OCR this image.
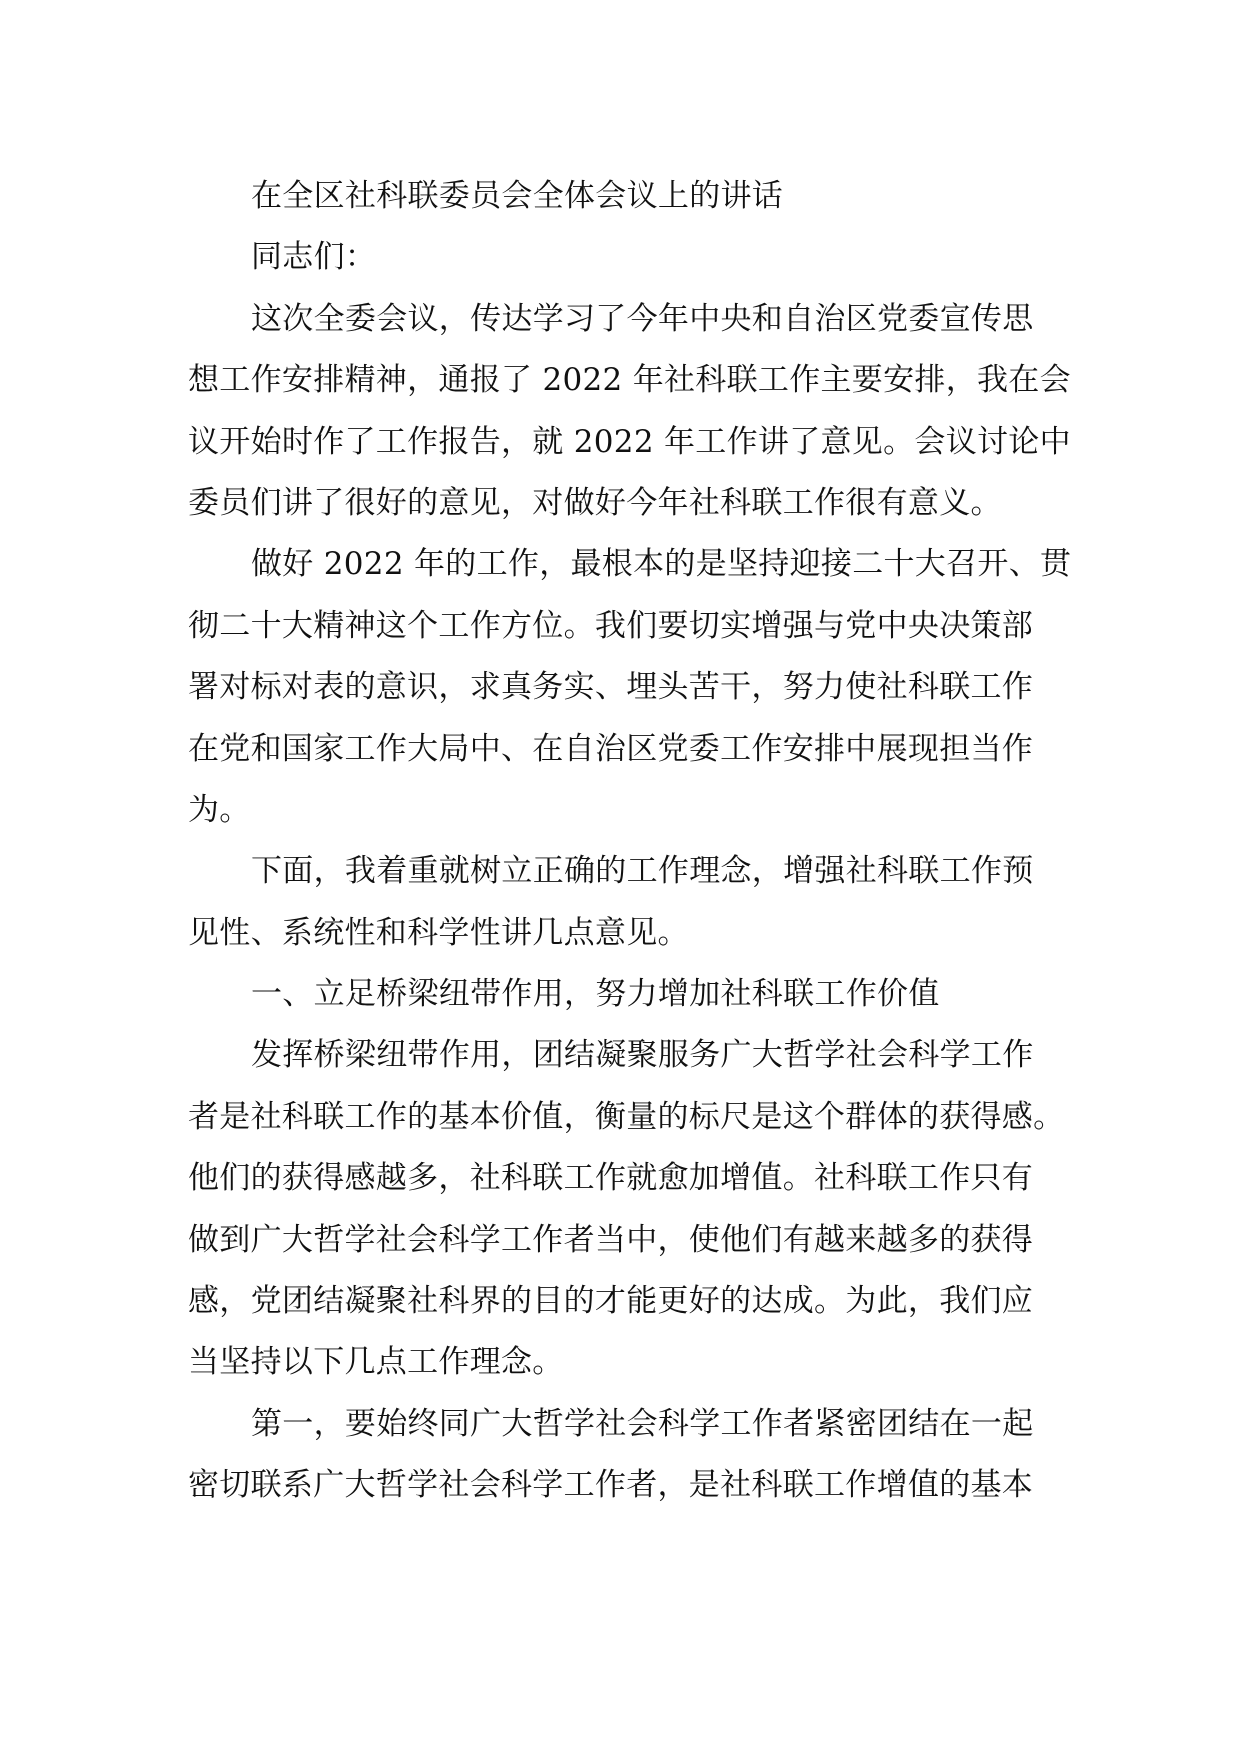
在全区社科联委员会全体会议上的讲话
同志们：
这次全委会议，传达学习了今年中央和自治区党委宣传思
想工作安排精神，通报了 2022 年社科联工作主要安排，我在会
议开始时作了工作报告，就 2022 年工作讲了意见。会议讨论中
委员们讲了很好的意见，对做好今年社科联工作很有意义。
做好 2022 年的工作，最根本的是坚持迎接二十大召开、贯
彻二十大精神这个工作方位。我们要切实增强与党中央决策部
署对标对表的意识，求真务实、埋头苦干，努力使社科联工作
在党和国家工作大局中、在自治区党委工作安排中展现担当作
为。
下面，我着重就树立正确的工作理念，增强社科联工作预
见性、系统性和科学性讲几点意见。
一、立足桥梁纽带作用，努力增加社科联工作价值
发挥桥梁纽带作用，团结凝聚服务广大哲学社会科学工作
者是社科联工作的基本价值，衡量的标尺是这个群体的获得感。
他们的获得感越多，社科联工作就愈加增值。社科联工作只有
做到广大哲学社会科学工作者当中，使他们有越来越多的获得
感，党团结凝聚社科界的目的才能更好的达成。为此，我们应
当坚持以下几点工作理念。
第一，要始终同广大哲学社会科学工作者紧密团结在一起
密切联系广大哲学社会科学工作者，是社科联工作增值的基本
